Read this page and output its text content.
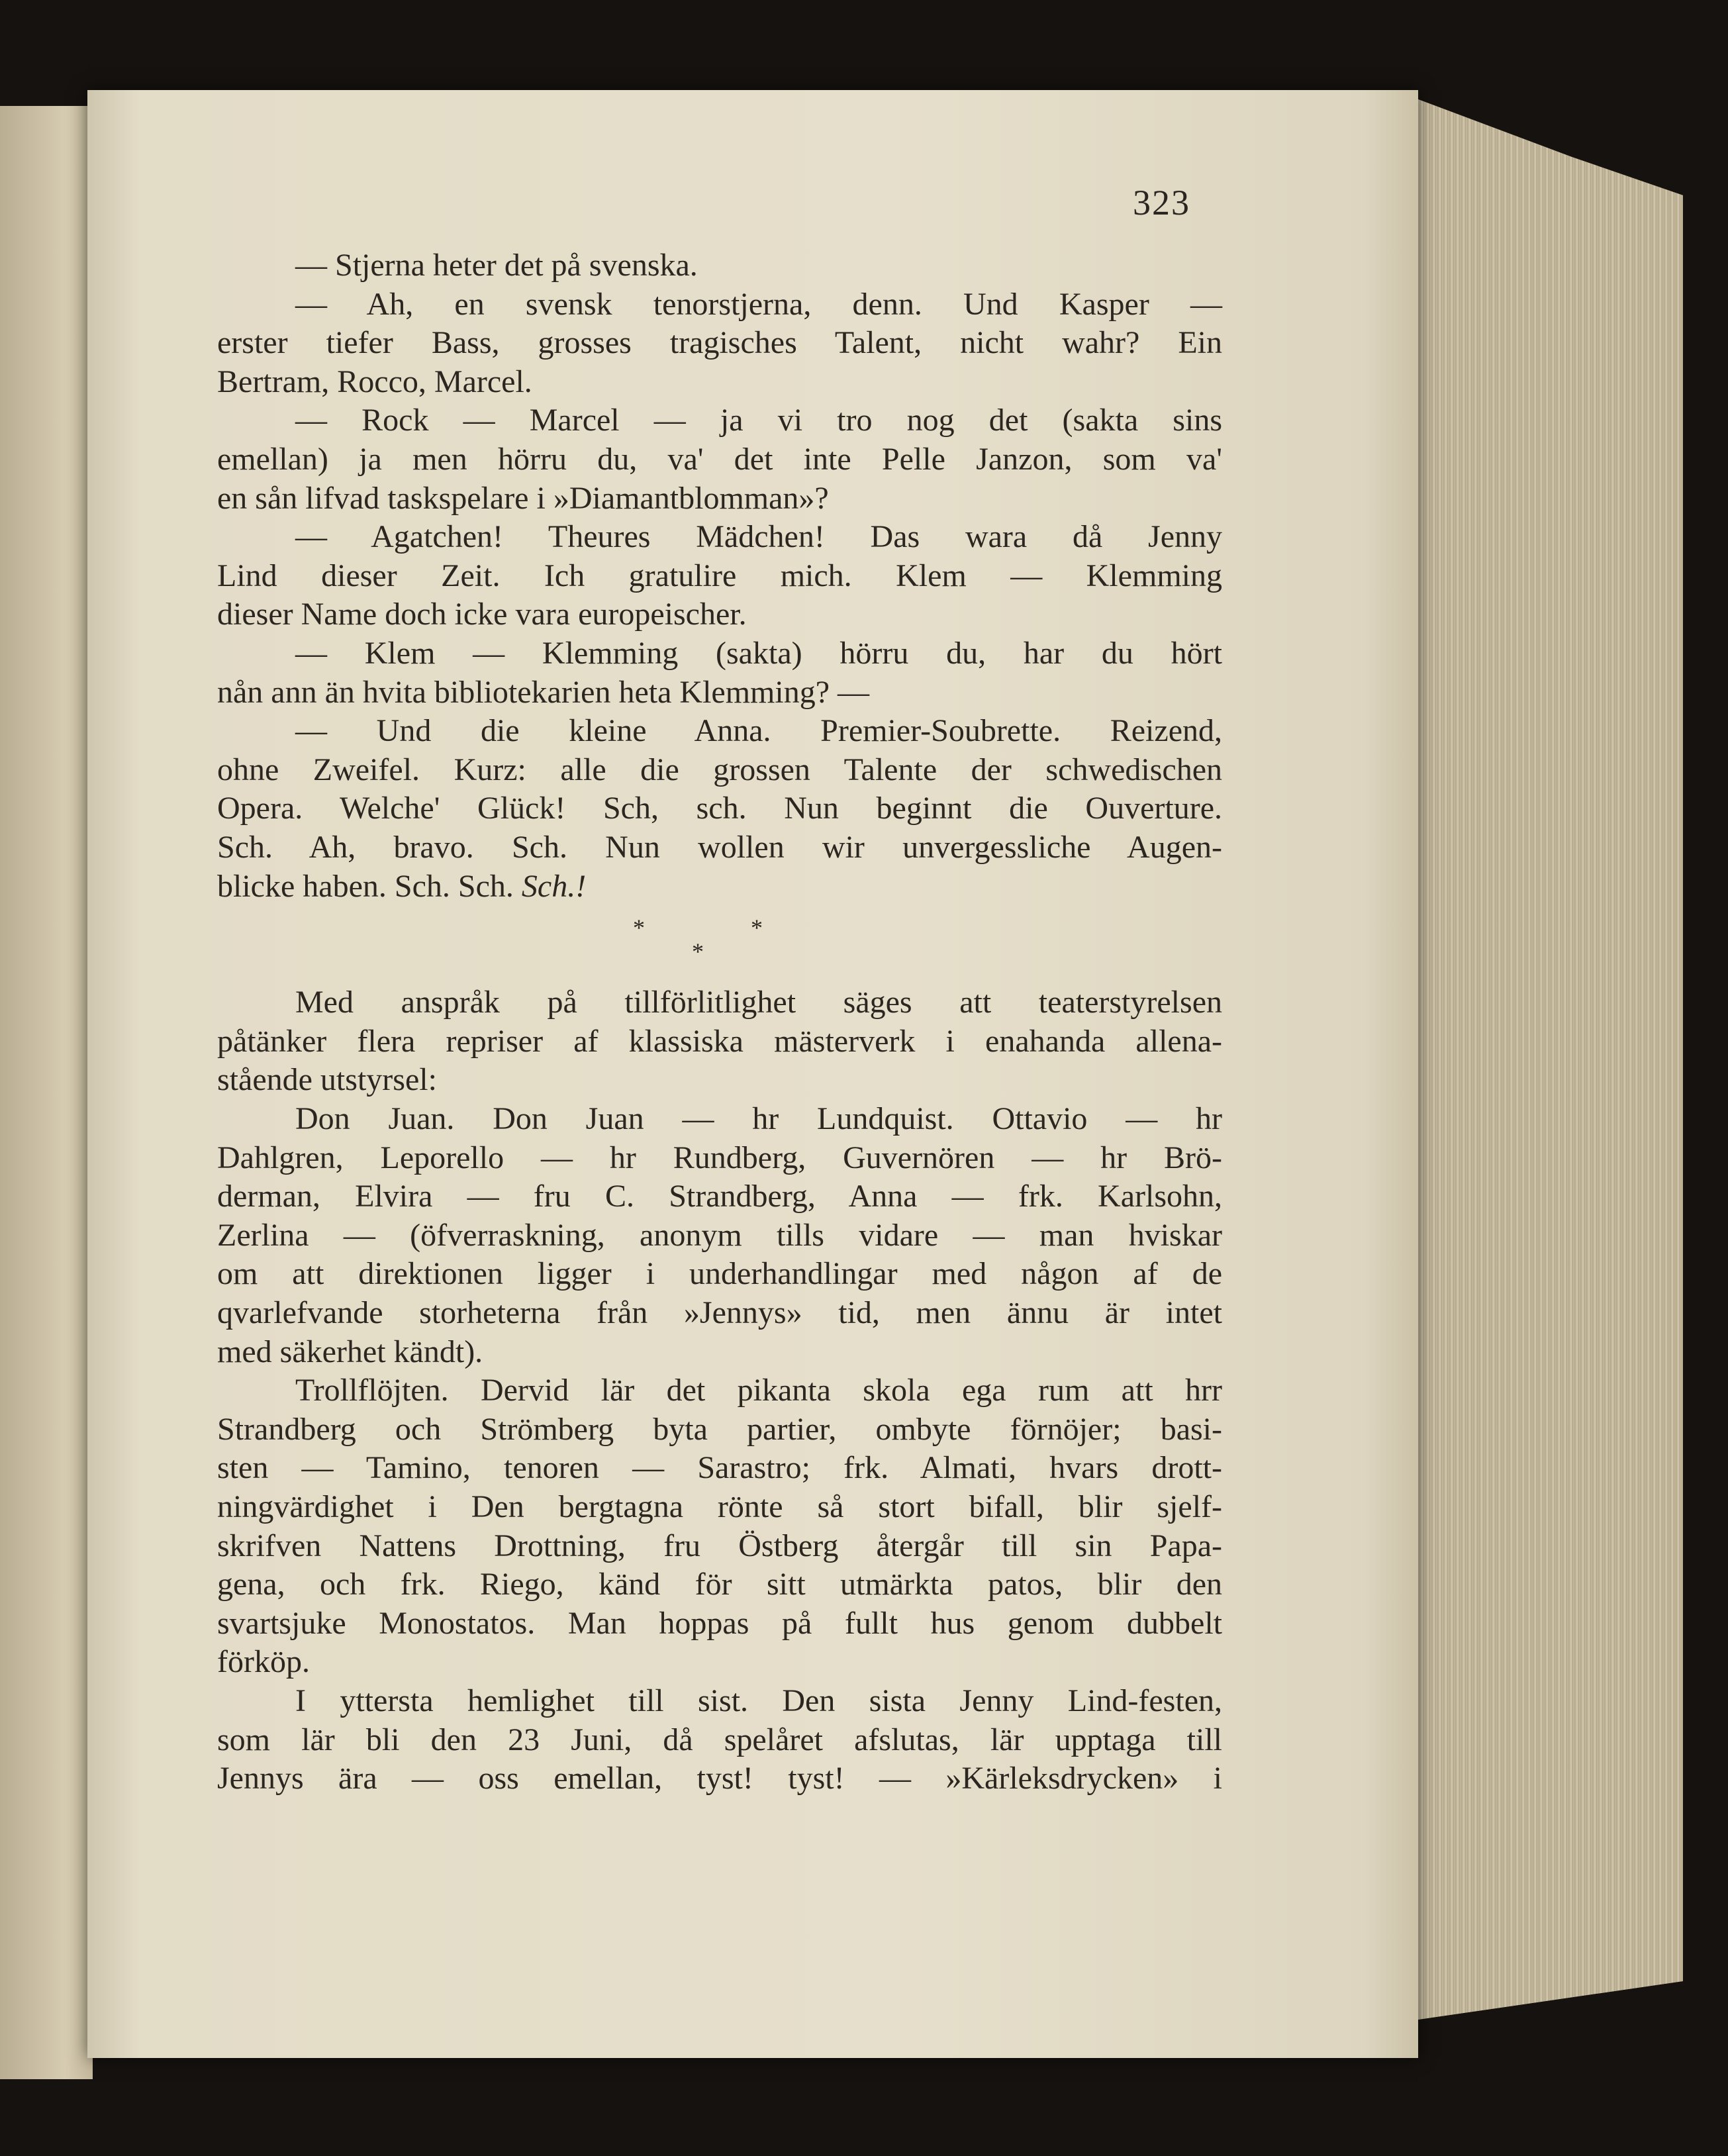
323
— Stjerna heter det på svenska.
— Ah, en svensk tenorstjerna, denn. Und Kasper —
erster tiefer Bass, grosses tragisches Talent, nicht wahr? Ein
Bertram, Rocco, Marcel.
— Rock — Marcel — ja vi tro nog det (sakta sins
emellan) ja men hörru du, va' det inte Pelle Janzon, som va'
en sån lifvad taskspelare i »Diamantblomman»?
— Agatchen! Theures Mädchen! Das wara då Jenny
Lind dieser Zeit. Ich gratulire mich. Klem — Klemming
dieser Name doch icke vara europeischer.
— Klem — Klemming (sakta) hörru du, har du hört
nån ann än hvita bibliotekarien heta Klemming? —
— Und die kleine Anna. Premier-Soubrette. Reizend,
ohne Zweifel. Kurz: alle die grossen Talente der schwedischen
Opera. Welche' Glück! Sch, sch. Nun beginnt die Ouverture.
Sch. Ah, bravo. Sch. Nun wollen wir unvergessliche Augen-
blicke haben. Sch. Sch. Sch.!
*	*
*
Med anspråk på tillförlitlighet säges att teaterstyrelsen
påtänker flera repriser af klassiska mästerverk i enahanda allena-
stående utstyrsel:
Don Juan. Don Juan — hr Lundquist. Ottavio — hr
Dahlgren, Leporello — hr Rundberg, Guvernören — hr Brö-
derman, Elvira — fru C. Strandberg, Anna — frk. Karlsohn,
Zerlina — (öfverraskning, anonym tills vidare — man hviskar
om att direktionen ligger i underhandlingar med någon af de
qvarlefvande storheterna från »Jennys» tid, men ännu är intet
med säkerhet kändt).
Trollflöjten. Dervid lär det pikanta skola ega rum att hrr
Strandberg och Strömberg byta partier, ombyte förnöjer; basi-
sten — Tamino, tenoren — Sarastro; frk. Almati, hvars drott-
ningvärdighet i Den bergtagna rönte så stort bifall, blir sjelf-
skrifven Nattens Drottning, fru Östberg återgår till sin Papa-
gena, och frk. Riego, känd för sitt utmärkta patos, blir den
svartsjuke Monostatos. Man hoppas på fullt hus genom dubbelt
förköp.
I yttersta hemlighet till sist. Den sista Jenny Lind-festen,
som lär bli den 23 Juni, då spelåret afslutas, lär upptaga till
Jennys ära — oss emellan, tyst! tyst! — »Kärleksdrycken» i
